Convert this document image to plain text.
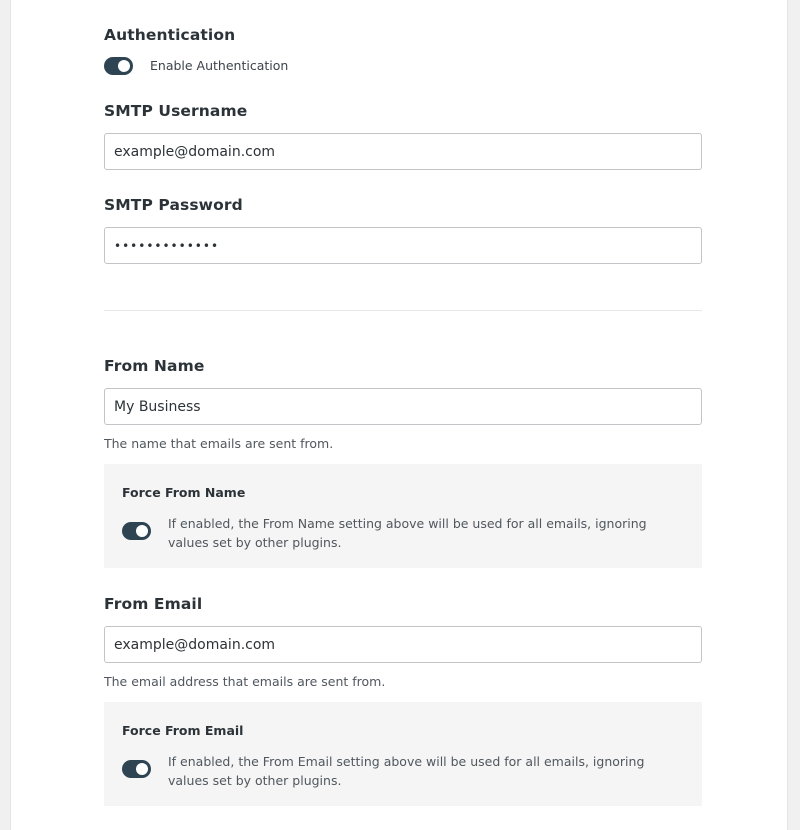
Authentication
Enable Authentication
SMTP Username
example@domain.com
SMTP Password
•••••••••••••
From Name
My Business
The name that emails are sent from.
Force From Name
If enabled, the From Name setting above will be used for all emails, ignoring values set by other plugins.
From Email
example@domain.com
The email address that emails are sent from.
Force From Email
If enabled, the From Email setting above will be used for all emails, ignoring values set by other plugins.
